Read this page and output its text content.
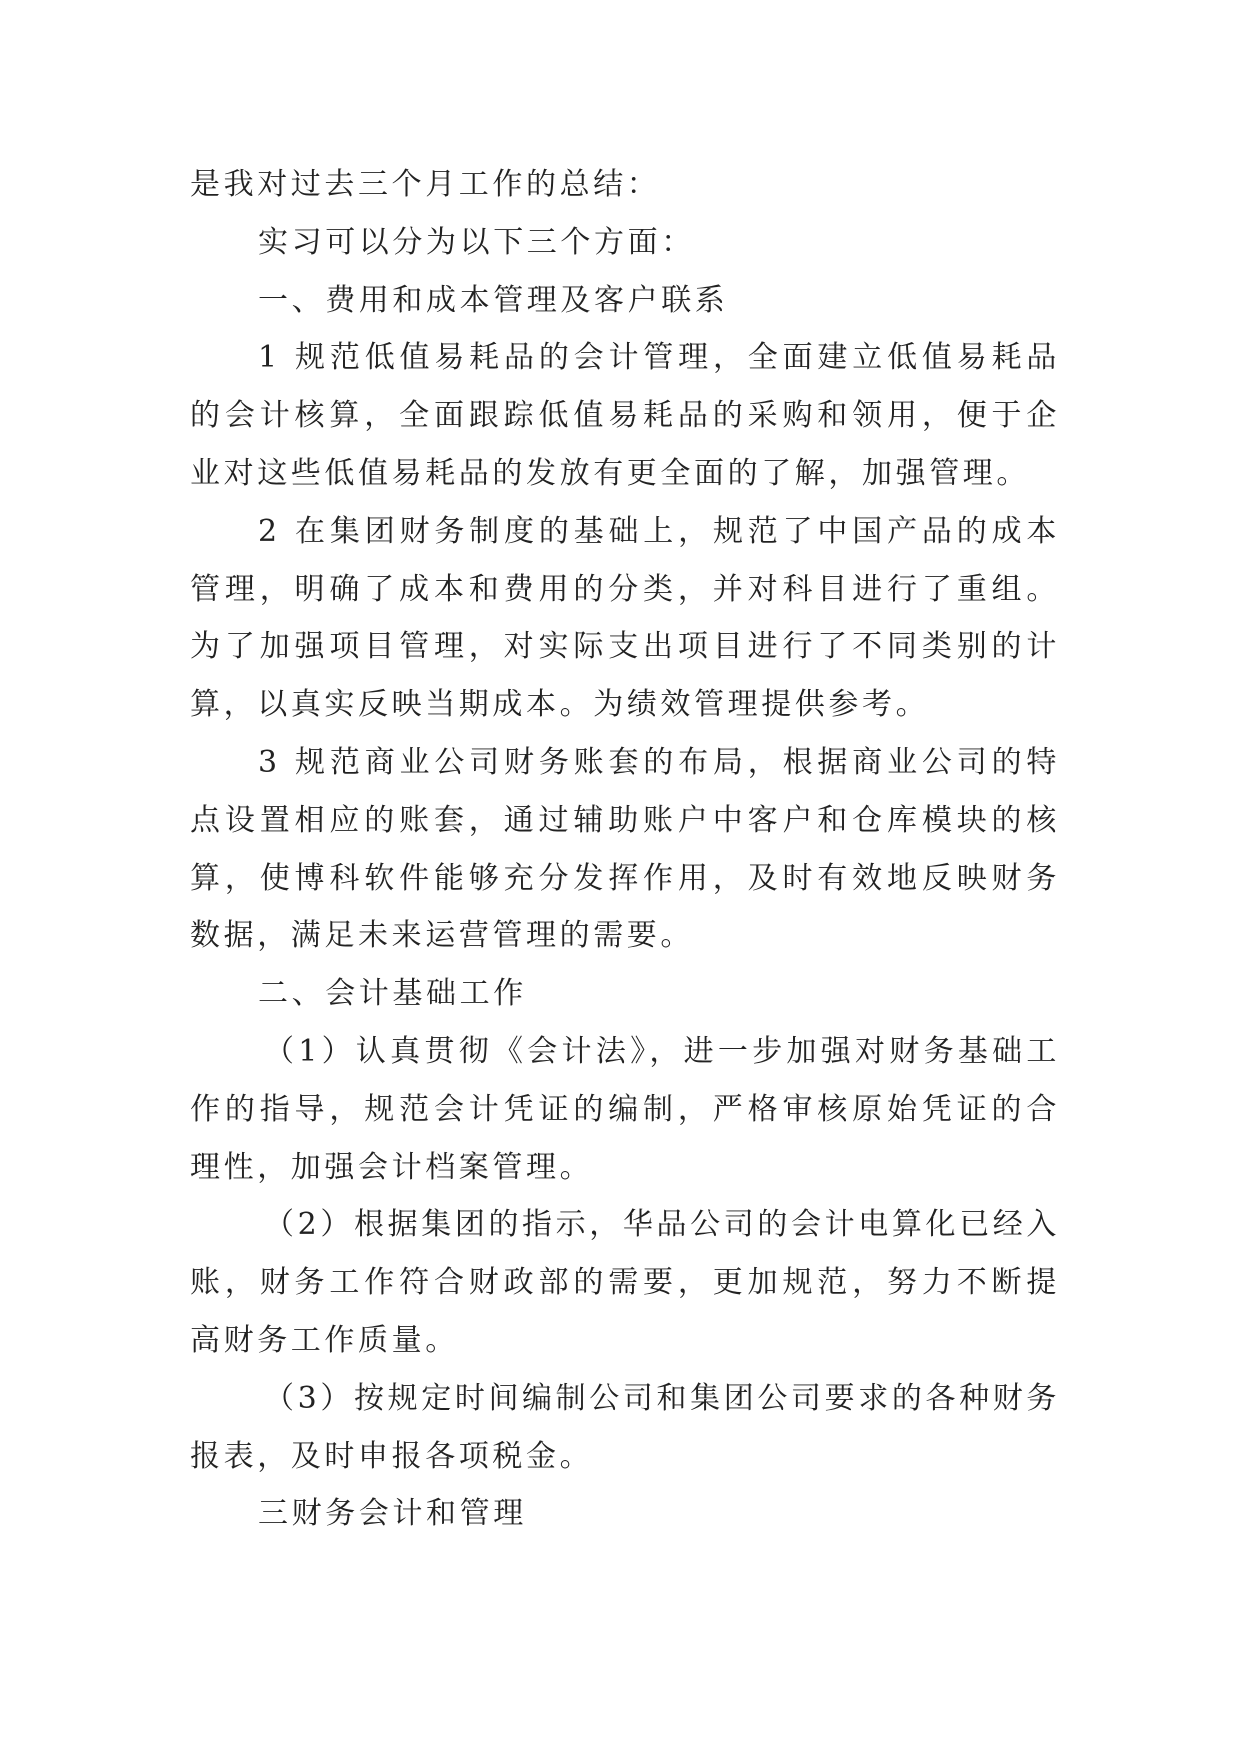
是我对过去三个月工作的总结：

实习可以分为以下三个方面：

一、费用和成本管理及客户联系

1 规范低值易耗品的会计管理，全面建立低值易耗品的会计核算，全面跟踪低值易耗品的采购和领用，便于企业对这些低值易耗品的发放有更全面的了解，加强管理。

2 在集团财务制度的基础上，规范了中国产品的成本管理，明确了成本和费用的分类，并对科目进行了重组。为了加强项目管理，对实际支出项目进行了不同类别的计算，以真实反映当期成本。为绩效管理提供参考。

3 规范商业公司财务账套的布局，根据商业公司的特点设置相应的账套，通过辅助账户中客户和仓库模块的核算，使博科软件能够充分发挥作用，及时有效地反映财务数据，满足未来运营管理的需要。

二、会计基础工作

（1）认真贯彻《会计法》，进一步加强对财务基础工作的指导，规范会计凭证的编制，严格审核原始凭证的合理性，加强会计档案管理。

（2）根据集团的指示，华品公司的会计电算化已经入账，财务工作符合财政部的需要，更加规范，努力不断提高财务工作质量。

（3）按规定时间编制公司和集团公司要求的各种财务报表，及时申报各项税金。

三财务会计和管理
